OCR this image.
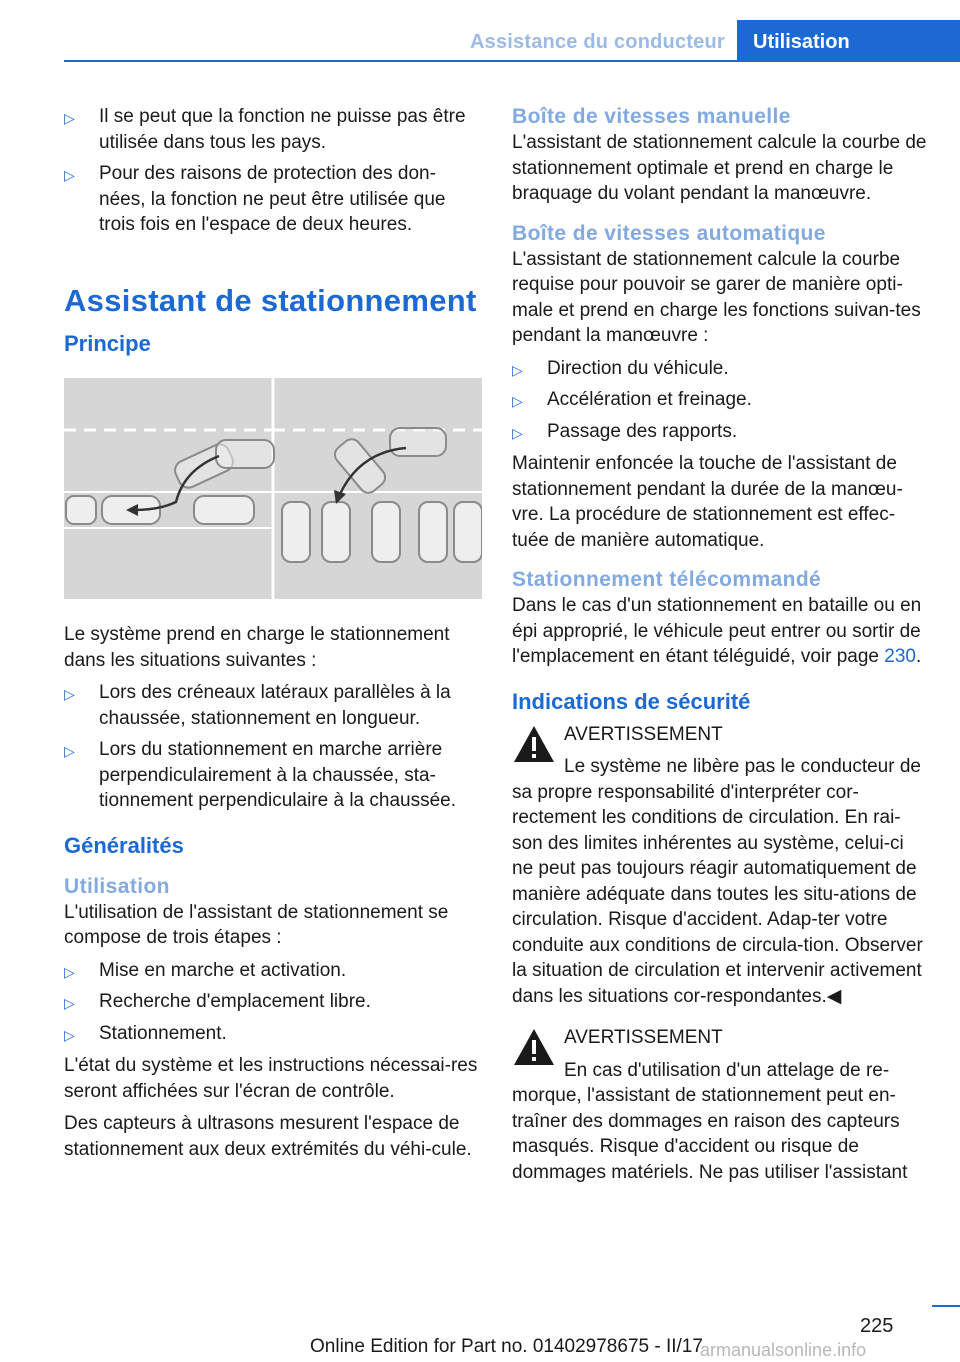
Assistance du conducteur	Utilisation
▷ Il se peut que la fonction ne puisse pas être utilisée dans tous les pays.
▷ Pour des raisons de protection des don‐nées, la fonction ne peut être utilisée que trois fois en l'espace de deux heures.
Assistant de stationnement
Principe

Le système prend en charge le stationnement dans les situations suivantes :

▷ Lors des créneaux latéraux parallèles à la chaussée, stationnement en longueur.
▷ Lors du stationnement en marche arrière perpendiculairement à la chaussée, sta‐tionnement perpendiculaire à la chaussée.
Généralités
Utilisation

L'utilisation de l'assistant de stationnement se compose de trois étapes :

▷ Mise en marche et activation.
▷ Recherche d'emplacement libre.
▷ Stationnement.

L'état du système et les instructions nécessai‐res seront affichées sur l'écran de contrôle.

Des capteurs à ultrasons mesurent l'espace de stationnement aux deux extrémités du véhi‐cule.

Boîte de vitesses manuelle

L'assistant de stationnement calcule la courbe de stationnement optimale et prend en charge le braquage du volant pendant la manœuvre.

Boîte de vitesses automatique

L'assistant de stationnement calcule la courbe requise pour pouvoir se garer de manière opti‐male et prend en charge les fonctions suivan‐tes pendant la manœuvre :

▷ Direction du véhicule.
▷ Accélération et freinage.
▷ Passage des rapports.

Maintenir enfoncée la touche de l'assistant de stationnement pendant la durée de la manœu‐vre. La procédure de stationnement est effec‐tuée de manière automatique.

Stationnement télécommandé

Dans le cas d'un stationnement en bataille ou en épi approprié, le véhicule peut entrer ou sortir de l'emplacement en étant téléguidé, voir page 230.

Indications de sécurité
AVERTISSEMENT
Le système ne libère pas le conducteur de sa propre responsabilité d'interpréter cor‐rectement les conditions de circulation. En rai‐son des limites inhérentes au système, celui-ci ne peut pas toujours réagir automatiquement de manière adéquate dans toutes les situ‐ations de circulation. Risque d'accident. Adap‐ter votre conduite aux conditions de circula‐tion. Observer la situation de circulation et intervenir activement dans les situations cor‐respondantes.◀
AVERTISSEMENT
En cas d'utilisation d'un attelage de re‐morque, l'assistant de stationnement peut en‐traîner des dommages en raison des capteurs masqués. Risque d'accident ou risque de dommages matériels. Ne pas utiliser l'assistant
225
Online Edition for Part no. 01402978675 - II/17
armanualsonline.info
